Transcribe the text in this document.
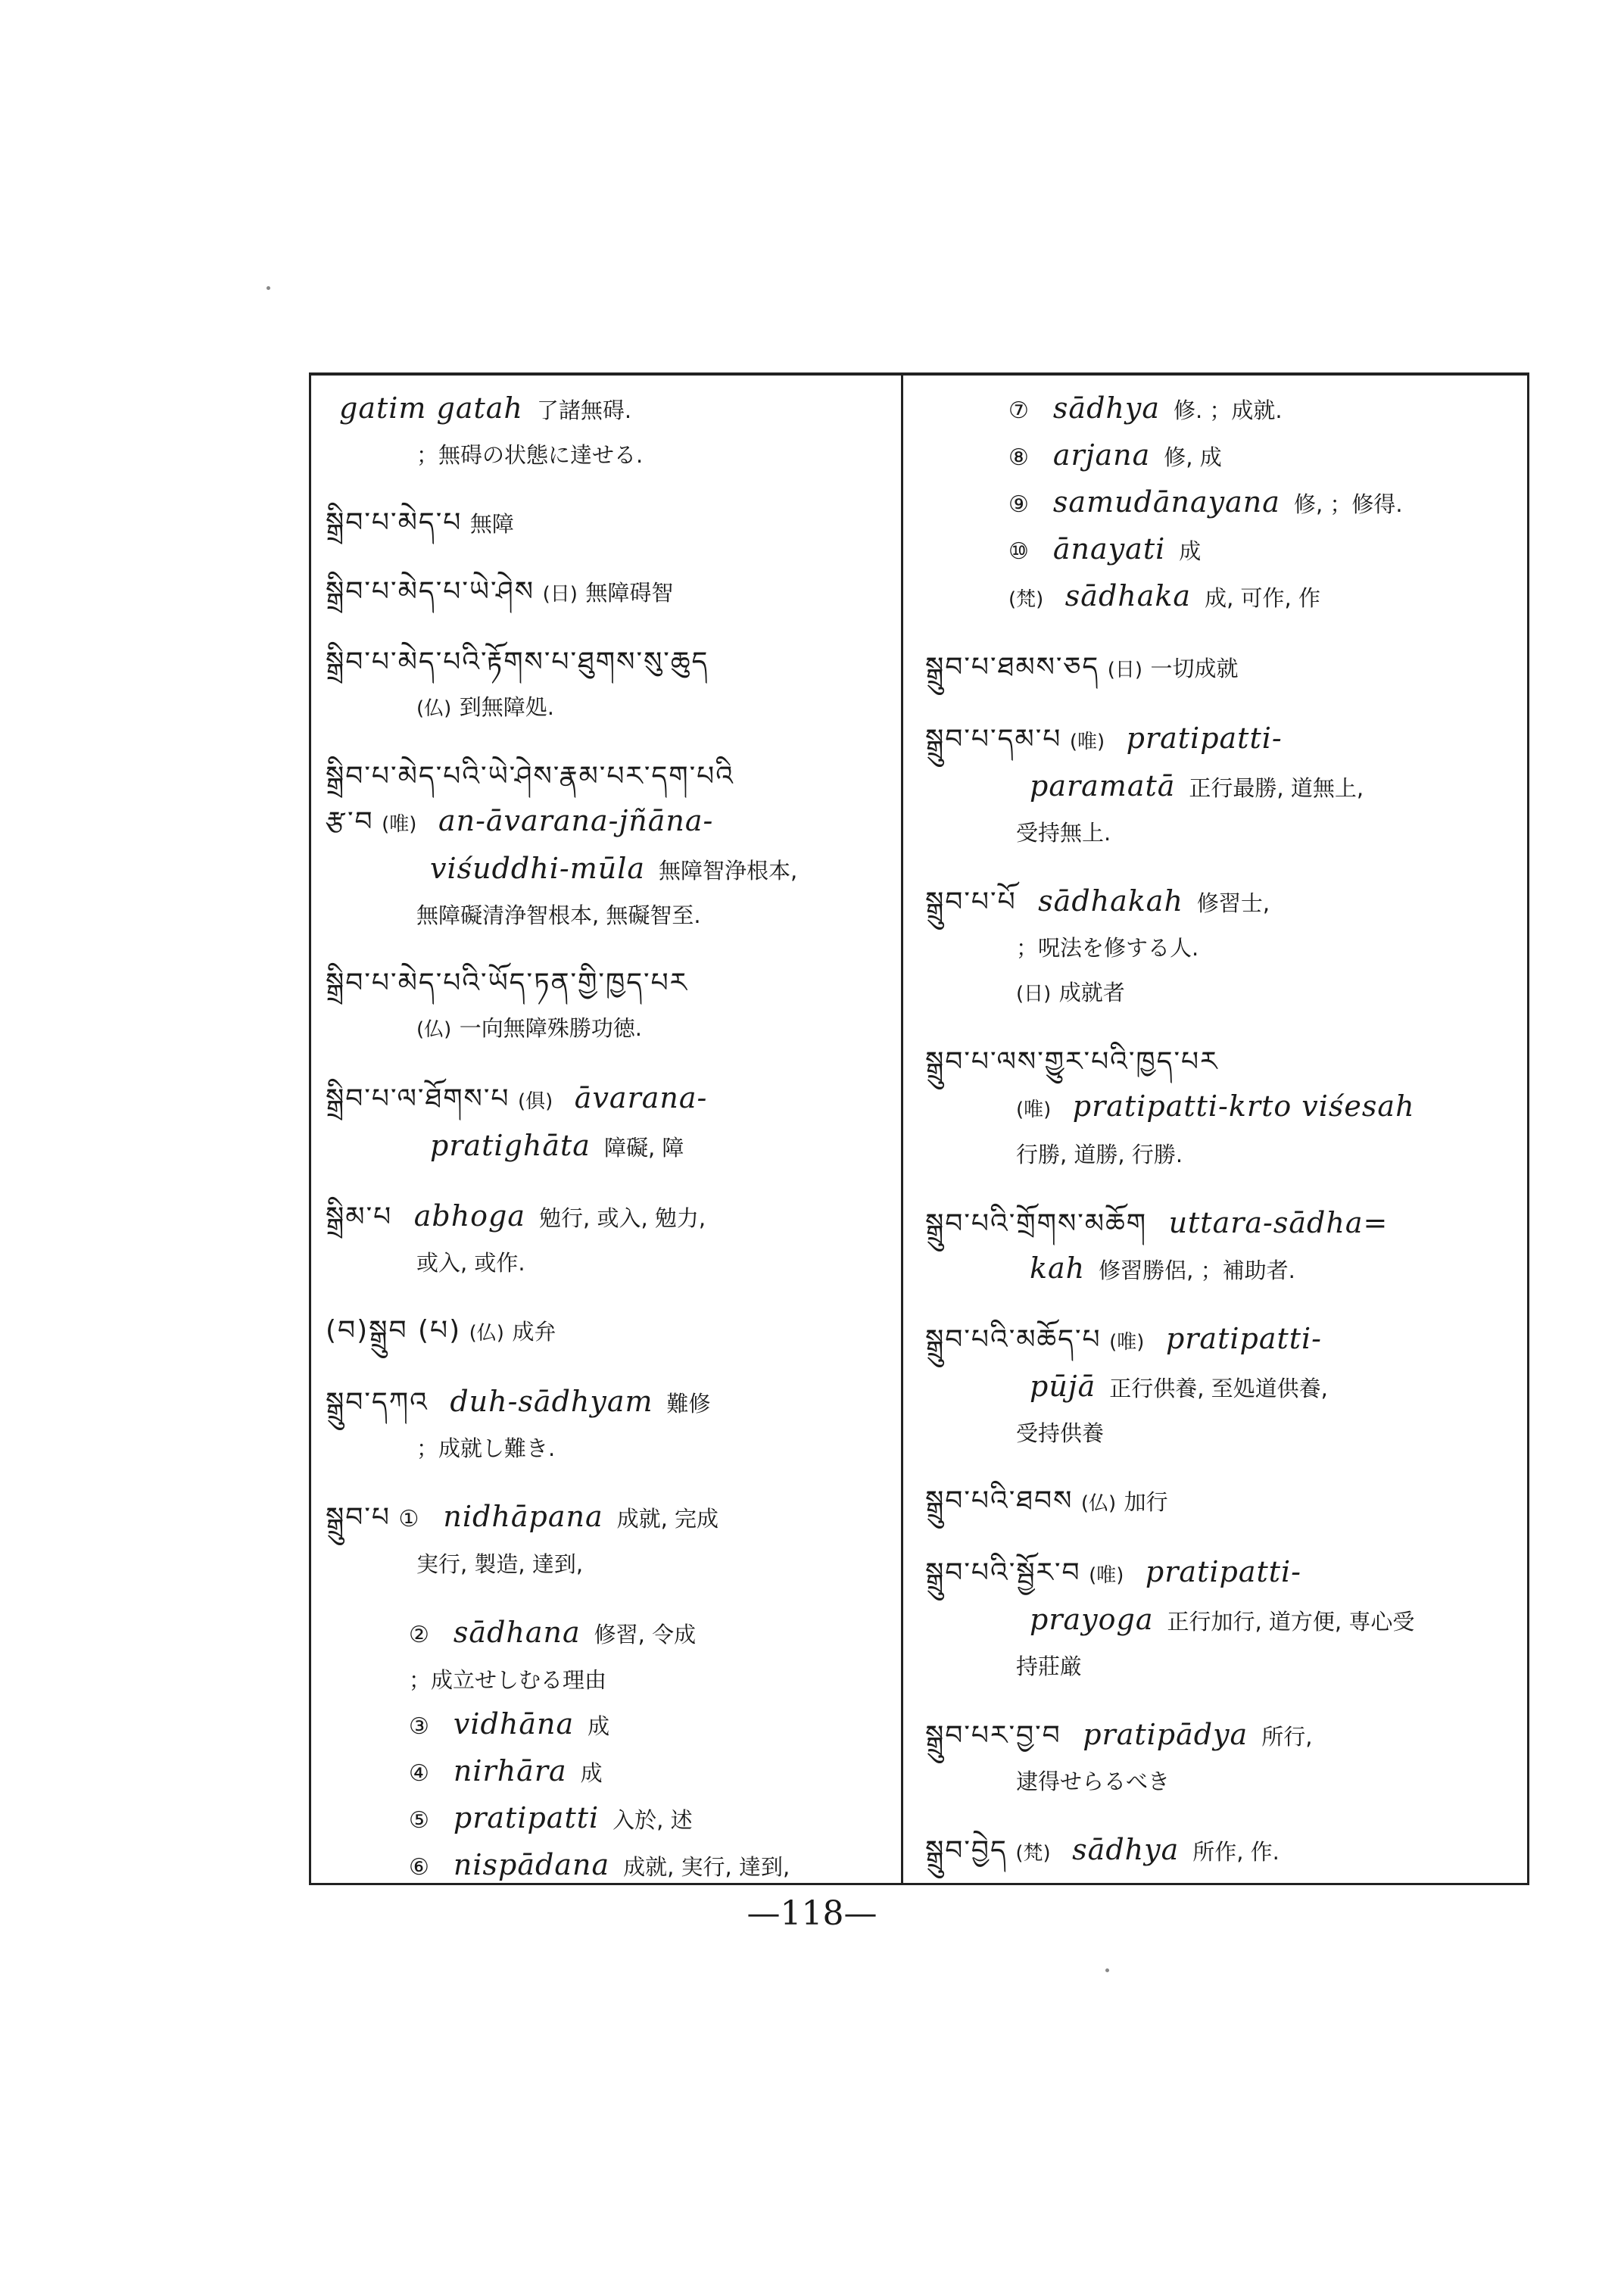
gatim gatah 了諸無碍.
；無碍の状態に達せる.
སྒྲིབ་པ་མེད་པ 無障
སྒྲིབ་པ་མེད་པ་ཡེ་ཤེས (日) 無障碍智
སྒྲིབ་པ་མེད་པའི་རྟོགས་པ་ཐུགས་སུ་ཆུད
(仏) 到無障処.
སྒྲིབ་པ་མེད་པའི་ཡེ་ཤེས་རྣམ་པར་དག་པའི
རྩ་བ (唯) an-āvarana-jñāna-
viśuddhi-mūla 無障智浄根本,
無障礙清浄智根本, 無礙智至.
སྒྲིབ་པ་མེད་པའི་ཡོད་ཏན་གྱི་ཁྱད་པར
(仏) 一向無障殊勝功徳.
སྒྲིབ་པ་ལ་ཐོགས་པ (俱) āvarana-
pratighāta 障礙, 障
སྒྲིམ་པ abhoga 勉行, 或入, 勉力,
或入, 或作.
(བ)སྒྲུབ (པ) (仏) 成弁
སྒྲུབ་དཀའ duh-sādhyam 難修
；成就し難き.
སྒྲུབ་པ ① nidhāpana 成就, 完成
実行, 製造, 達到,
② sādhana 修習, 令成
；成立せしむる理由
③ vidhāna 成
④ nirhāra 成
⑤ pratipatti 入於, 述
⑥ nispādana 成就, 実行, 達到,
⑦ sādhya 修. ；成就.
⑧ arjana 修, 成
⑨ samudānayana 修, ；修得.
⑩ ānayati 成
(梵) sādhaka 成, 可作, 作
སྒྲུབ་པ་ཐམས་ཅད (日) 一切成就
སྒྲུབ་པ་དམ་པ (唯) pratipatti-
paramatā 正行最勝, 道無上,
受持無上.
སྒྲུབ་པ་པོ sādhakah 修習士,
；呪法を修する人.
(日) 成就者
སྒྲུབ་པ་ལས་གྱུར་པའི་ཁྱད་པར
(唯) pratipatti-krto viśesah
行勝, 道勝, 行勝.
སྒྲུབ་པའི་གྲོགས་མཆོག uttara-sādha=
kah 修習勝侶, ；補助者.
སྒྲུབ་པའི་མཆོད་པ (唯) pratipatti-
pūjā 正行供養, 至処道供養,
受持供養
སྒྲུབ་པའི་ཐབས (仏) 加行
སྒྲུབ་པའི་སྦྱོར་བ (唯) pratipatti-
prayoga 正行加行, 道方便, 専心受
持莊厳
སྒྲུབ་པར་བྱ་བ pratipādya 所行,
逮得せらるべき
སྒྲུབ་བྱེད (梵) sādhya 所作, 作.
—118—
